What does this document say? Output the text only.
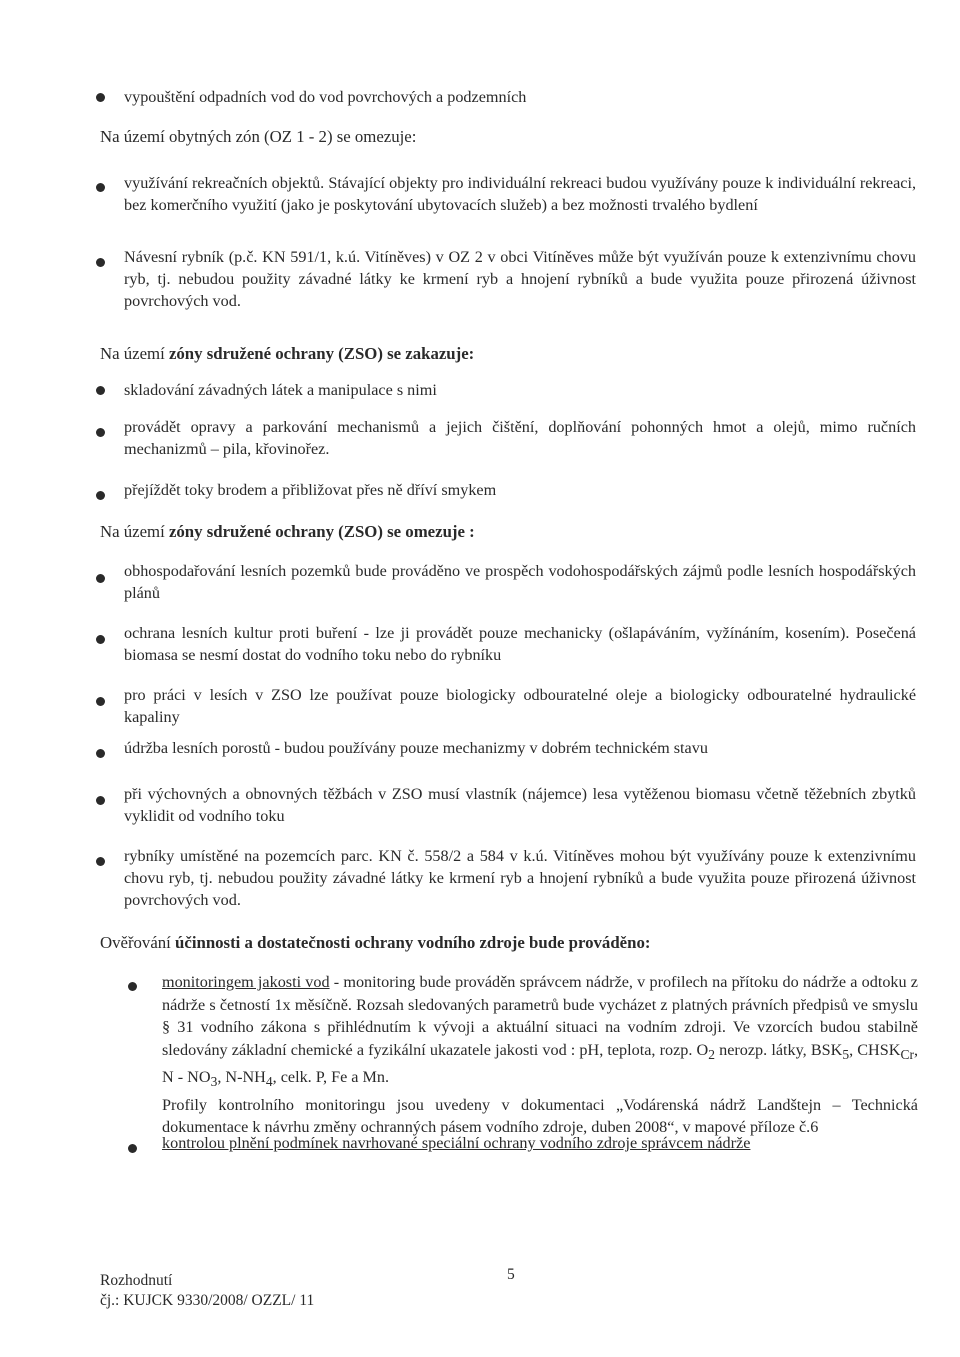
vypouštění odpadních vod do vod povrchových a podzemních
Na území obytných zón (OZ 1 - 2) se omezuje:
využívání rekreačních objektů. Stávající objekty pro individuální rekreaci budou využívány pouze k individuální rekreaci, bez komerčního využití (jako je poskytování ubytovacích služeb) a bez možnosti trvalého bydlení
Návesní rybník (p.č. KN 591/1, k.ú. Vitíněves) v OZ 2 v obci Vitíněves může být využíván pouze k extenzivnímu chovu ryb, tj. nebudou použity závadné látky ke krmení ryb a hnojení rybníků a bude využita pouze přirozená úživnost povrchových vod.
Na území zóny sdružené ochrany (ZSO) se zakazuje:
skladování závadných látek a manipulace s nimi
provádět opravy a parkování mechanismů a jejich čištění, doplňování pohonných hmot a olejů, mimo ručních mechanizmů – pila, křovinořez.
přejíždět toky brodem a přibližovat přes ně dříví smykem
Na území zóny sdružené ochrany (ZSO) se omezuje :
obhospodařování lesních pozemků bude prováděno ve prospěch vodohospodářských zájmů podle lesních hospodářských plánů
ochrana lesních kultur proti buření - lze ji provádět pouze mechanicky (ošlapáváním, vyžínáním, kosením). Posečená biomasa se nesmí dostat do vodního toku nebo do rybníku
pro práci v lesích v ZSO lze používat pouze biologicky odbouratelné oleje a biologicky odbouratelné hydraulické kapaliny
údržba lesních porostů - budou používány pouze mechanizmy v dobrém technickém stavu
při výchovných a obnovných těžbách v ZSO musí vlastník (nájemce) lesa vytěženou biomasu včetně těžebních zbytků vyklidit od vodního toku
rybníky umístěné na pozemcích parc. KN č. 558/2 a 584 v k.ú. Vitíněves mohou být využívány pouze k extenzivnímu chovu ryb, tj. nebudou použity závadné látky ke krmení ryb a hnojení rybníků a bude využita pouze přirozená úživnost povrchových vod.
Ověřování účinnosti a dostatečnosti ochrany vodního zdroje bude prováděno:
monitoringem jakosti vod - monitoring bude prováděn správcem nádrže, v profilech na přítoku do nádrže a odtoku z nádrže s četností 1x měsíčně. Rozsah sledovaných parametrů bude vycházet z platných právních předpisů ve smyslu § 31 vodního zákona s přihlédnutím k vývoji a aktuální situaci na vodním zdroji. Ve vzorcích budou stabilně sledovány základní chemické a fyzikální ukazatele jakosti vod : pH, teplota, rozp. $O_2$ nerozp. látky, $BSK_5$, $CHSK_{Cr}$, N - $NO_3$, $N-NH_4$, celk. P, Fe a Mn.
Profily kontrolního monitoringu jsou uvedeny v dokumentaci „Vodárenská nádrž Landštejn – Technická dokumentace k návrhu změny ochranných pásem vodního zdroje, duben 2008“, v mapové příloze č.6
kontrolou plnění podmínek navrhované speciální ochrany vodního zdroje správcem nádrže
Rozhodnutí
čj.: KUJCK 9330/2008/ OZZL/ 11
5
